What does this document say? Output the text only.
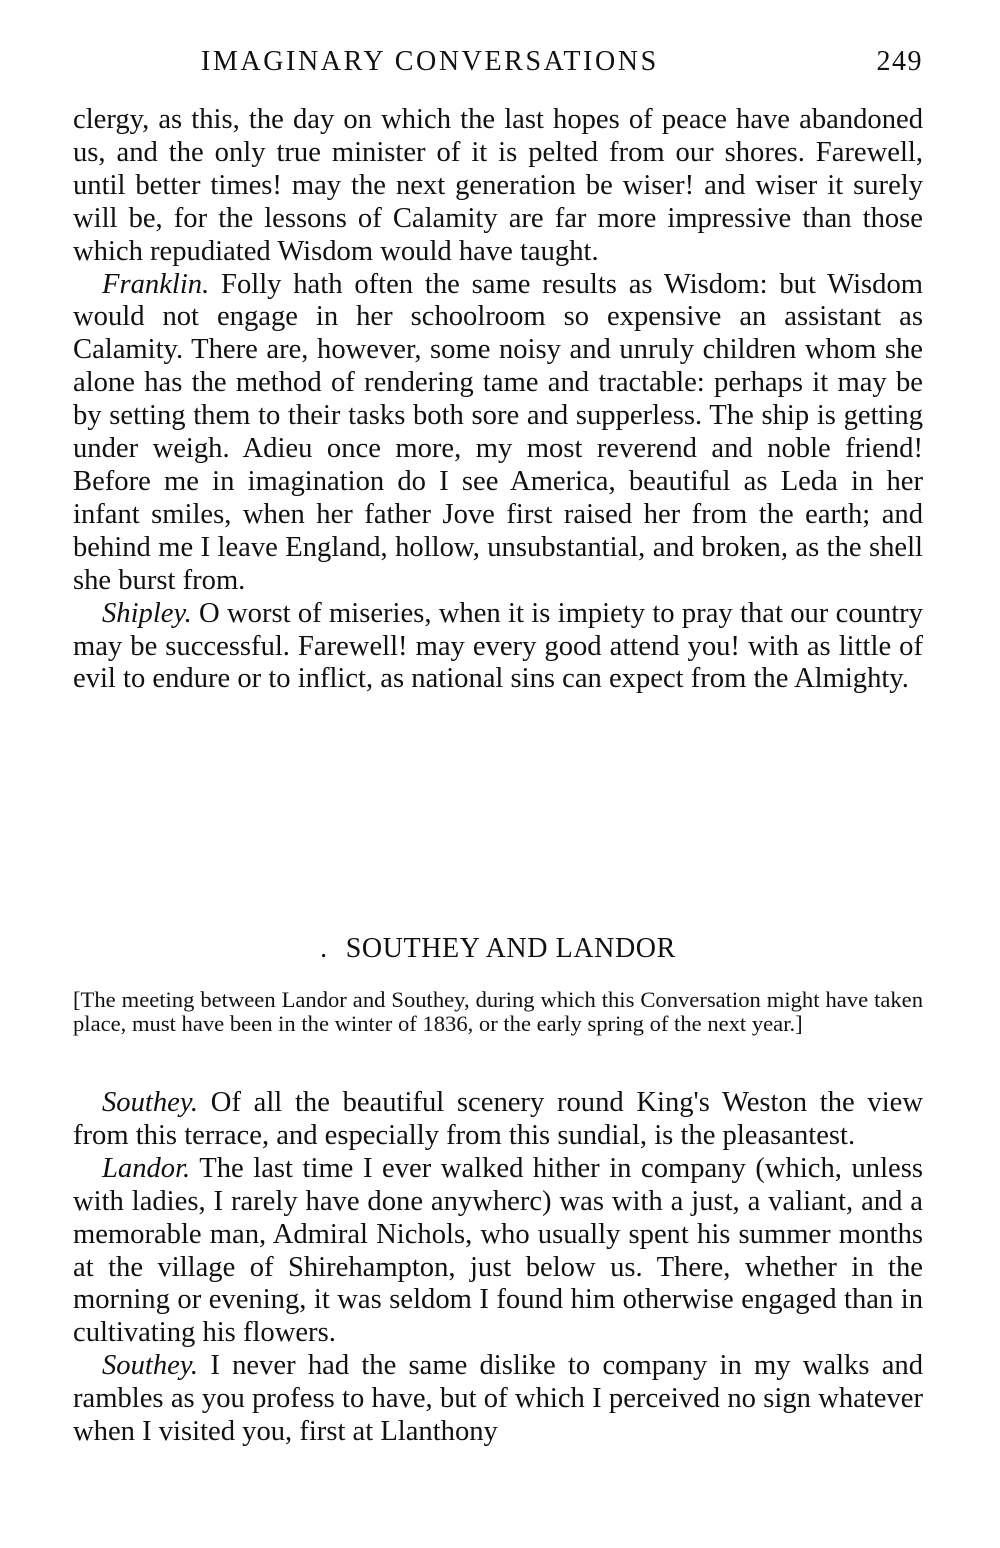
IMAGINARY CONVERSATIONS	249

clergy, as this, the day on which the last hopes of peace have abandoned us, and the only true minister of it is pelted from our shores. Farewell, until better times! may the next generation be wiser! and wiser it surely will be, for the lessons of Calamity are far more impressive than those which repudiated Wisdom would have taught.

Franklin. Folly hath often the same results as Wisdom: but Wisdom would not engage in her schoolroom so expensive an assistant as Calamity. There are, however, some noisy and unruly children whom she alone has the method of rendering tame and tractable: perhaps it may be by setting them to their tasks both sore and supperless. The ship is getting under weigh. Adieu once more, my most reverend and noble friend! Before me in imagination do I see America, beautiful as Leda in her infant smiles, when her father Jove first raised her from the earth; and behind me I leave England, hollow, unsubstantial, and broken, as the shell she burst from.

Shipley. O worst of miseries, when it is impiety to pray that our country may be successful. Farewell! may every good attend you! with as little of evil to endure or to inflict, as national sins can expect from the Almighty.

. SOUTHEY AND LANDOR
[The meeting between Landor and Southey, during which this Conversation might have taken place, must have been in the winter of 1836, or the early spring of the next year.]

Southey. Of all the beautiful scenery round King's Weston the view from this terrace, and especially from this sundial, is the pleasantest.

Landor. The last time I ever walked hither in company (which, unless with ladies, I rarely have done anywherc) was with a just, a valiant, and a memorable man, Admiral Nichols, who usually spent his summer months at the village of Shirehampton, just below us. There, whether in the morning or evening, it was seldom I found him otherwise engaged than in cultivating his flowers.

Southey. I never had the same dislike to company in my walks and rambles as you profess to have, but of which I perceived no sign whatever when I visited you, first at Llanthony
